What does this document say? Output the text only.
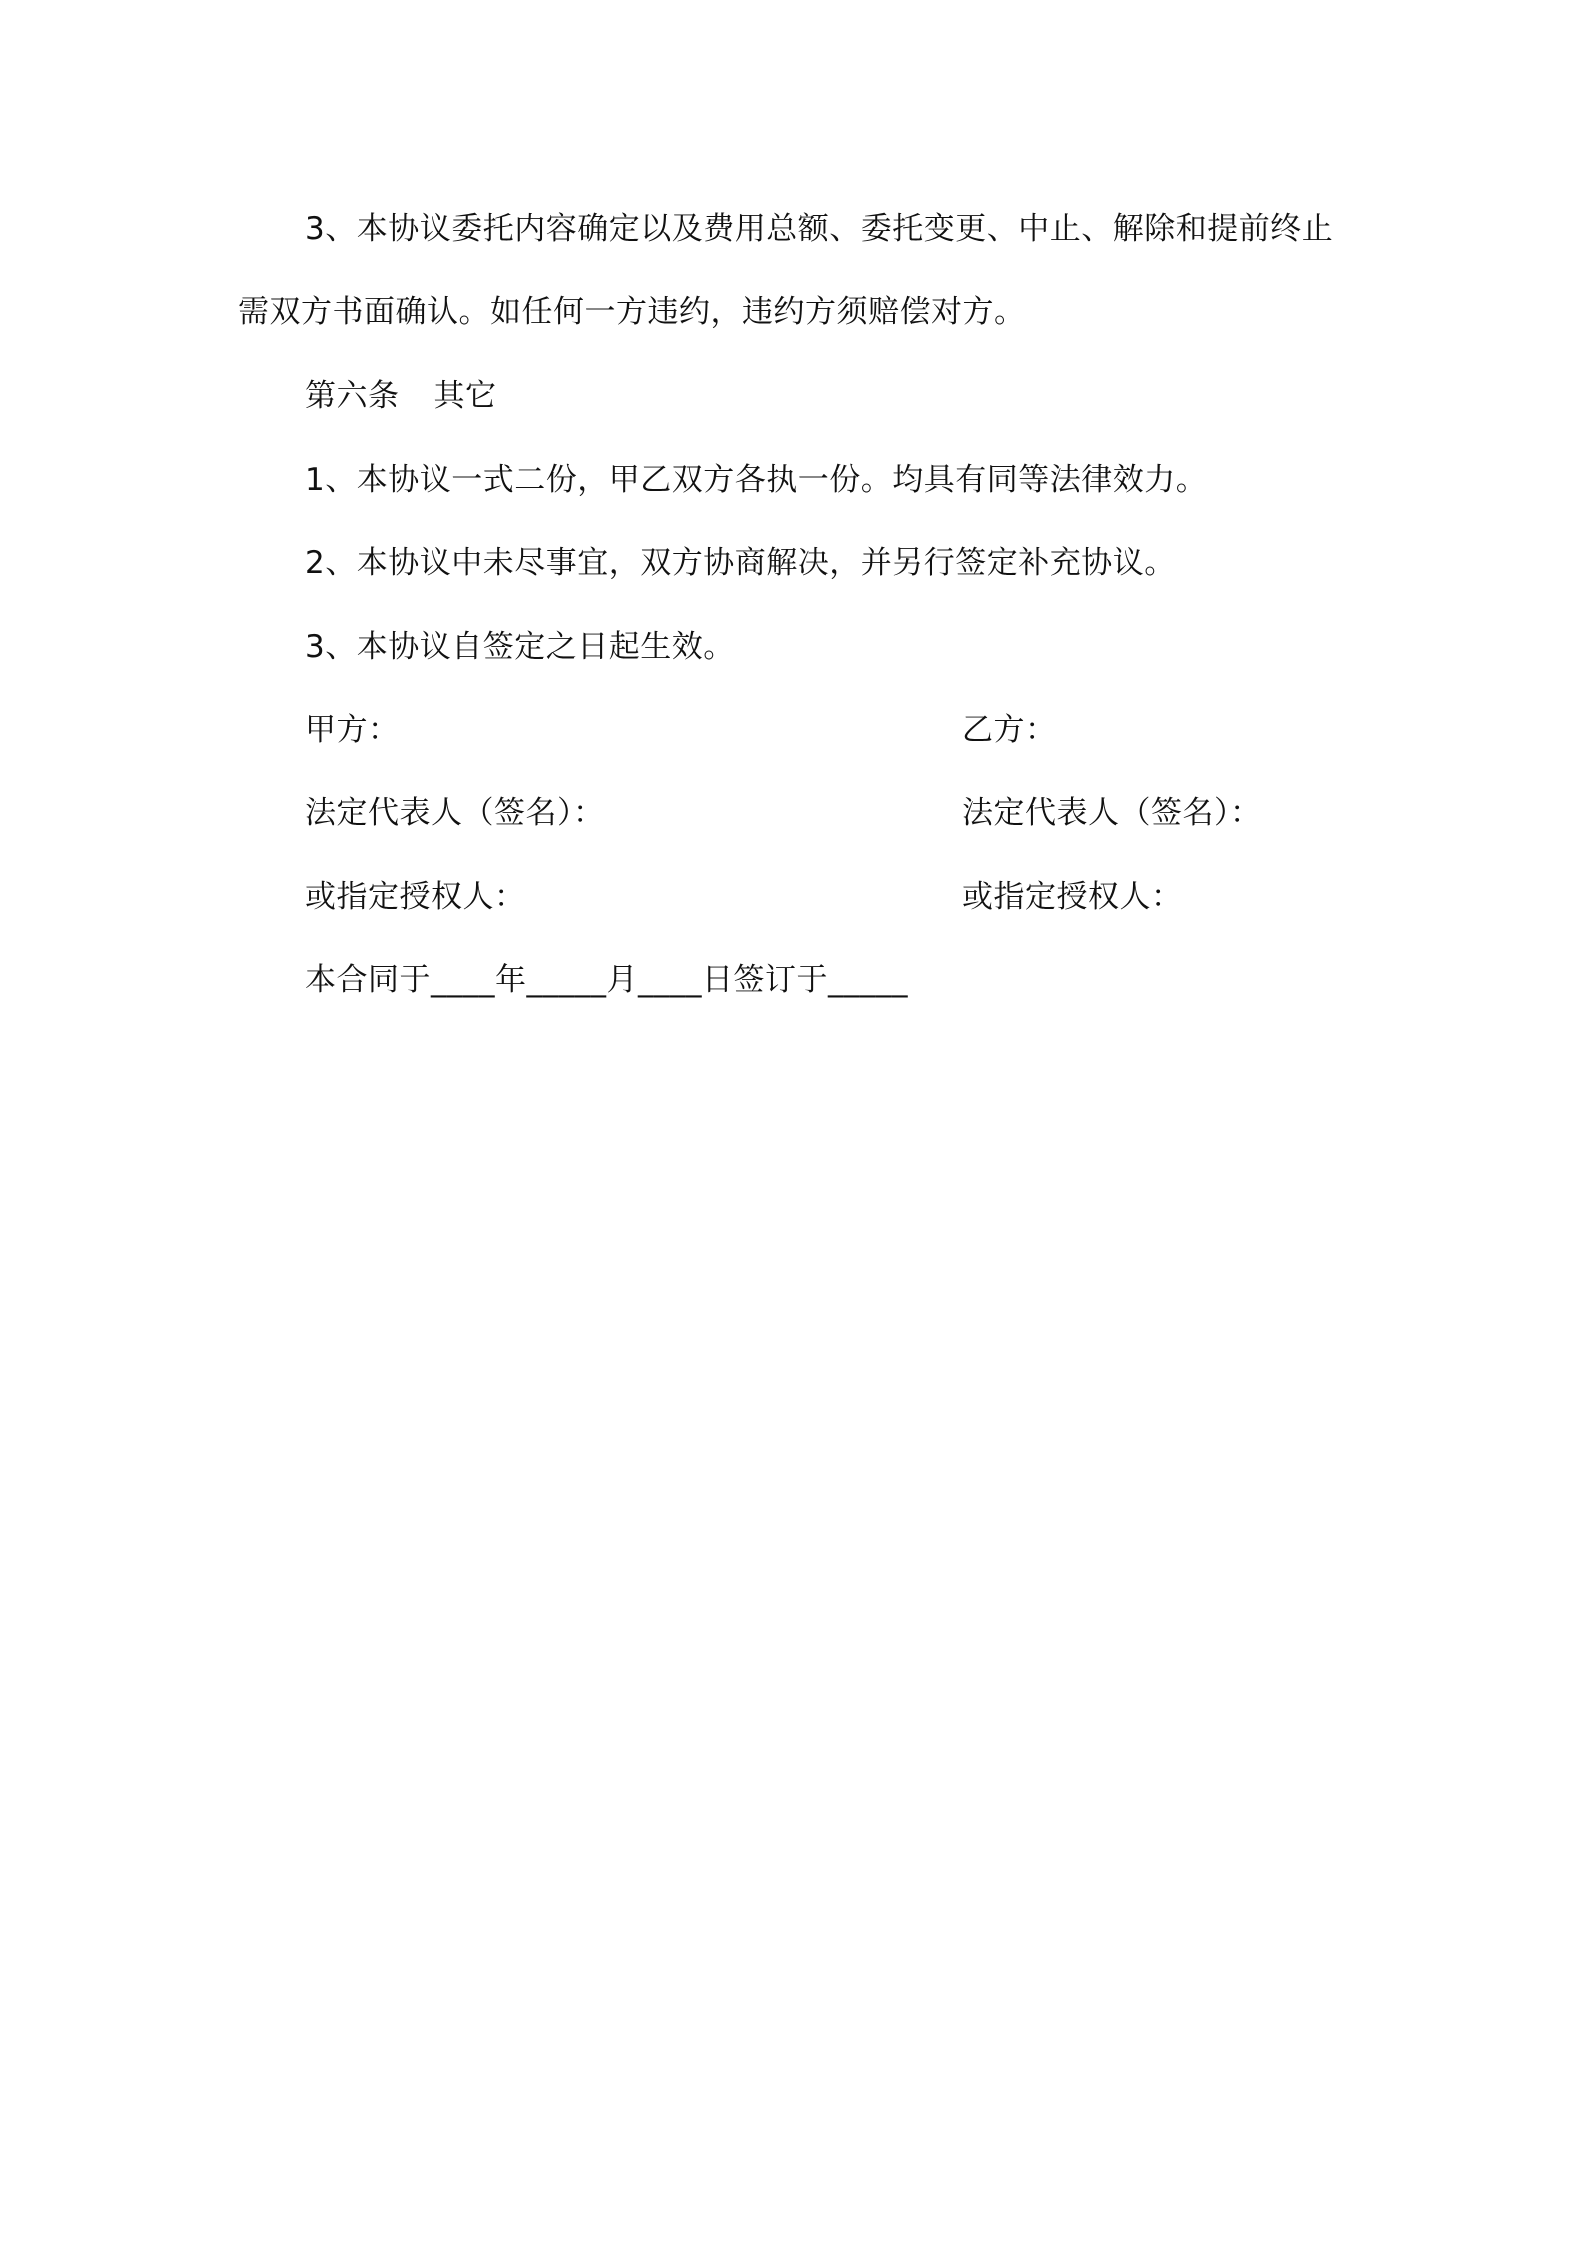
3、本协议委托内容确定以及费用总额、委托变更、中止、解除和提前终止
需双方书面确认。如任何一方违约，违约方须赔偿对方。
第六条 其它
1、本协议一式二份，甲乙双方各执一份。均具有同等法律效力。
2、本协议中未尽事宜，双方协商解决，并另行签定补充协议。
3、本协议自签定之日起生效。
甲方：	乙方：
法定代表人（签名）：	法定代表人（签名）：
或指定授权人：	或指定授权人：
本合同于____年_____月____日签订于_____
